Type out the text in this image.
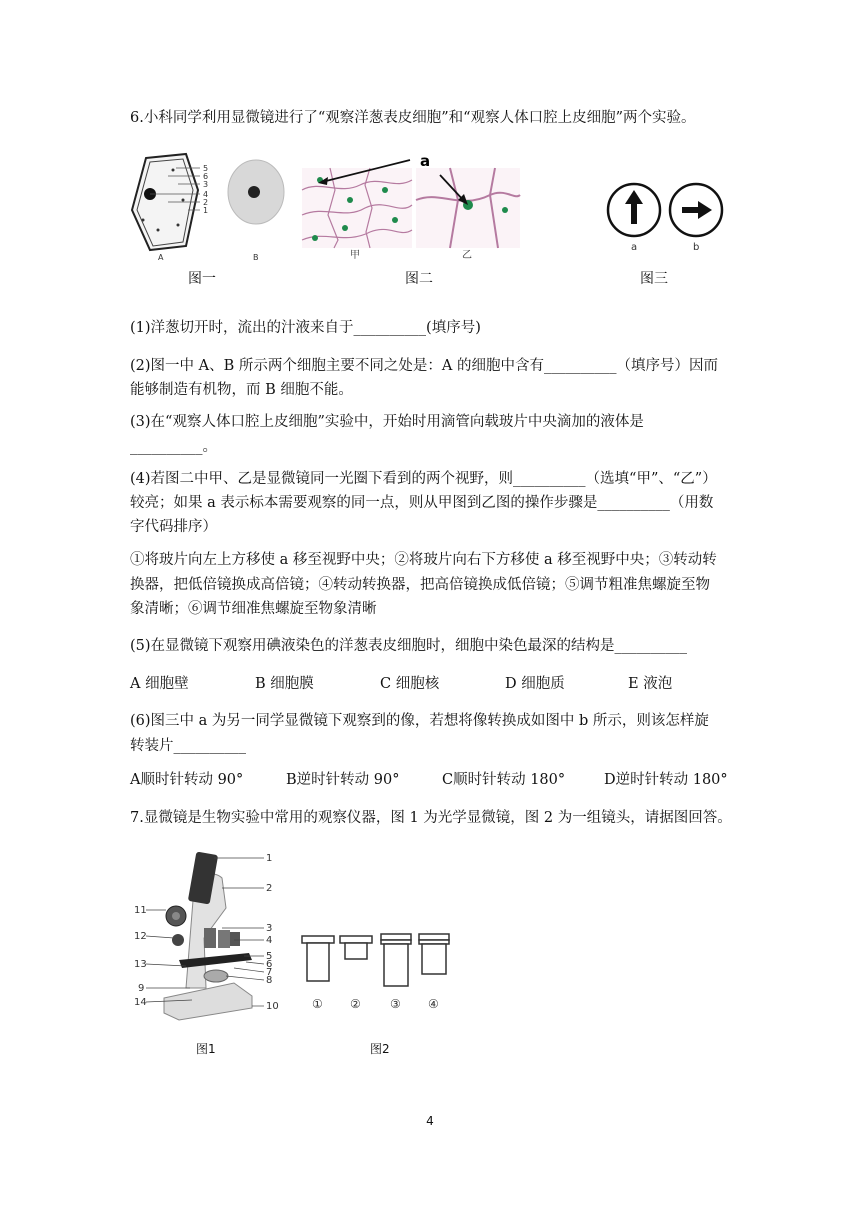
6.小科同学利用显微镜进行了“观察洋葱表皮细胞”和“观察人体口腔上皮细胞”两个实验。
5
6
3
4
2
1
A	B
图一
a
甲	乙
图二
a	b
图三
(1)洋葱切开时，流出的汁液来自于__________(填序号)
(2)图一中 A、B 所示两个细胞主要不同之处是：A 的细胞中含有__________（填序号）因而
能够制造有机物，而 B 细胞不能。
(3)在“观察人体口腔上皮细胞”实验中，开始时用滴管向载玻片中央滴加的液体是
__________。
(4)若图二中甲、乙是显微镜同一光圈下看到的两个视野，则__________（选填“甲”、“乙”）
较亮；如果 a 表示标本需要观察的同一点，则从甲图到乙图的操作步骤是__________（用数
字代码排序）
①将玻片向左上方移使 a 移至视野中央；②将玻片向右下方移使 a 移至视野中央；③转动转
换器，把低倍镜换成高倍镜；④转动转换器，把高倍镜换成低倍镜；⑤调节粗准焦螺旋至物
象清晰；⑥调节细准焦螺旋至物象清晰
(5)在显微镜下观察用碘液染色的洋葱表皮细胞时，细胞中染色最深的结构是__________
A 细胞壁	B 细胞膜	C 细胞核	D 细胞质	E 液泡
(6)图三中 a 为另一同学显微镜下观察到的像，若想将像转换成如图中 b 所示，则该怎样旋
转装片__________
A顺时针转动 90°	B逆时针转动 90°	C顺时针转动 180°	D逆时针转动 180°
7.显微镜是生物实验中常用的观察仪器，图 1 为光学显微镜，图 2 为一组镜头，请据图回答。
1
2
3
4
5
6
7
8
9
10
11
12
13
14
图1
① ② ③ ④
图2
4
